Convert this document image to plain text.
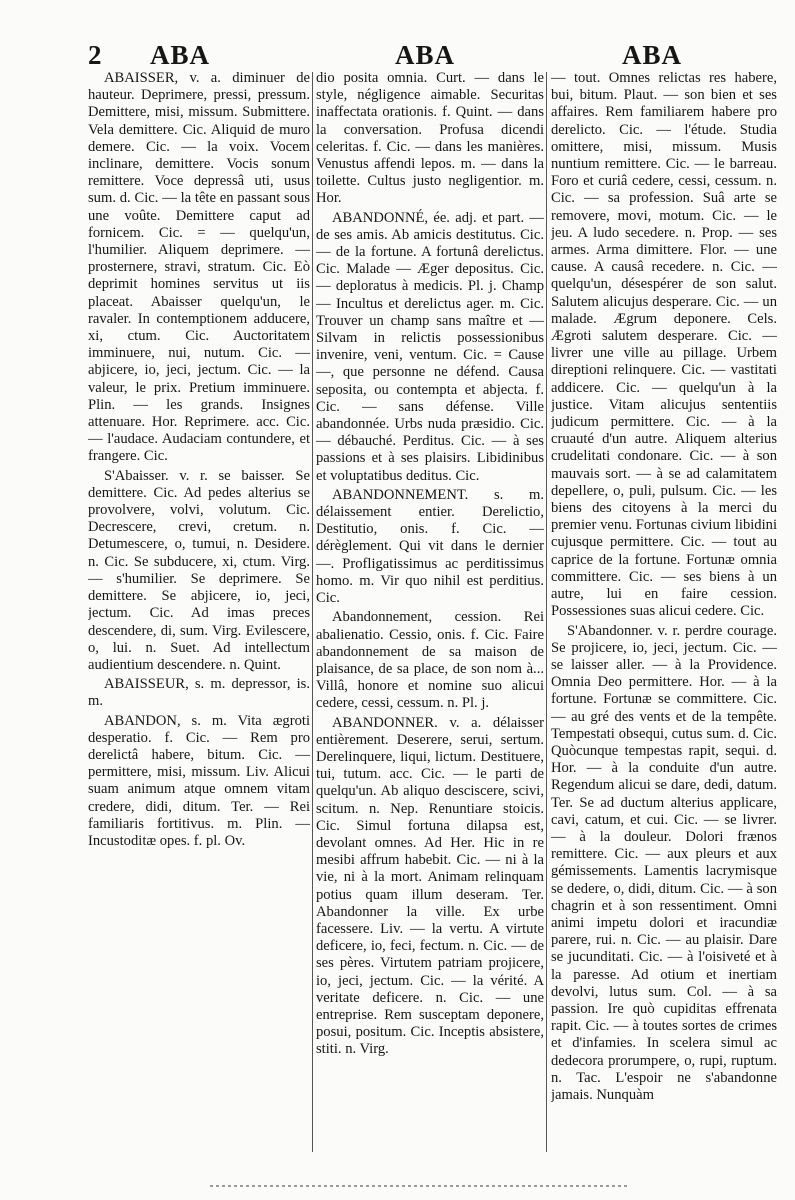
2 ABA	ABA	ABA

ABAISSER, v. a. diminuer de hauteur. Deprimere, pressi, pressum. Demittere, misi, missum. Submittere. Vela demittere. Cic. Aliquid de muro demere. Cic. — la voix. Vocem inclinare, demittere. Vocis sonum remittere. Voce depressâ uti, usus sum. d. Cic. — la tête en passant sous une voûte. Demittere caput ad fornicem. Cic. = — quelqu'un, l'humilier. Aliquem deprimere. — prosternere, stravi, stratum. Cic. Eò deprimit homines servitus ut iis placeat. Abaisser quelqu'un, le ravaler. In contemptionem adducere, xi, ctum. Cic. Auctoritatem imminuere, nui, nutum. Cic. — abjicere, io, jeci, jectum. Cic. — la valeur, le prix. Pretium imminuere. Plin. — les grands. Insignes attenuare. Hor. Reprimere. acc. Cic. — l'audace. Audaciam contundere, et frangere. Cic.

S'Abaisser. v. r. se baisser. Se demittere. Cic. Ad pedes alterius se provolvere, volvi, volutum. Cic. Decrescere, crevi, cretum. n. Detumescere, o, tumui, n. Desidere. n. Cic. Se subducere, xi, ctum. Virg. — s'humilier. Se deprimere. Se demittere. Se abjicere, io, jeci, jectum. Cic. Ad imas preces descendere, di, sum. Virg. Evilescere, o, lui. n. Suet. Ad intellectum audientium descendere. n. Quint.

ABAISSEUR, s. m. depressor, is. m.

ABANDON, s. m. Vita ægroti desperatio. f. Cic. — Rem pro derelictâ habere, bitum. Cic. — permittere, misi, missum. Liv. Alicui suam animum atque omnem vitam credere, didi, ditum. Ter. — Rei familiaris fortitivus. m. Plin. — Incustoditæ opes. f. pl. Ov.

dio posita omnia. Curt. — dans le style, négligence aimable. Securitas inaffectata orationis. f. Quint. — dans la conversation. Profusa dicendi celeritas. f. Cic. — dans les manières. Venustus affendi lepos. m. — dans la toilette. Cultus justo negligentior. m. Hor.

ABANDONNÉ, ée. adj. et part. — de ses amis. Ab amicis destitutus. Cic. — de la fortune. A fortunâ derelictus. Cic. Malade — Æger depositus. Cic. — deploratus à medicis. Pl. j. Champ — Incultus et derelictus ager. m. Cic. Trouver un champ sans maître et — Silvam in relictis possessionibus invenire, veni, ventum. Cic. = Cause —, que personne ne défend. Causa seposita, ou contempta et abjecta. f. Cic. — sans défense. Ville abandonnée. Urbs nuda præsidio. Cic. — débauché. Perditus. Cic. — à ses passions et à ses plaisirs. Libidinibus et voluptatibus deditus. Cic.

ABANDONNEMENT. s. m. délaissement entier. Derelictio, Destitutio, onis. f. Cic. — dérèglement. Qui vit dans le dernier —. Profligatissimus ac perditissimus homo. m. Vir quo nihil est perditius. Cic.

Abandonnement, cession. Rei abalienatio. Cessio, onis. f. Cic. Faire abandonnement de sa maison de plaisance, de sa place, de son nom à... Villâ, honore et nomine suo alicui cedere, cessi, cessum. n. Pl. j.

ABANDONNER. v. a. délaisser entièrement. Deserere, serui, sertum. Derelinquere, liqui, lictum. Destituere, tui, tutum. acc. Cic. — le parti de quelqu'un. Ab aliquo desciscere, scivi, scitum. n. Nep. Renuntiare stoicis. Cic. Simul fortuna dilapsa est, devolant omnes. Ad Her. Hic in re mesibi affrum habebit. Cic. — ni à la vie, ni à la mort. Animam relinquam potius quam illum deseram. Ter. Abandonner la ville. Ex urbe facessere. Liv. — la vertu. A virtute deficere, io, feci, fectum. n. Cic. — de ses pères. Virtutem patriam projicere, io, jeci, jectum. Cic. — la vérité. A veritate deficere. n. Cic. — une entreprise. Rem susceptam deponere, posui, positum. Cic. Inceptis absistere, stiti. n. Virg.

— tout. Omnes relictas res habere, bui, bitum. Plaut. — son bien et ses affaires. Rem familiarem habere pro derelicto. Cic. — l'étude. Studia omittere, misi, missum. Musis nuntium remittere. Cic. — le barreau. Foro et curiâ cedere, cessi, cessum. n. Cic. — sa profession. Suâ arte se removere, movi, motum. Cic. — le jeu. A ludo secedere. n. Prop. — ses armes. Arma dimittere. Flor. — une cause. A causâ recedere. n. Cic. — quelqu'un, désespérer de son salut. Salutem alicujus desperare. Cic. — un malade. Ægrum deponere. Cels. Ægroti salutem desperare. Cic. — livrer une ville au pillage. Urbem direptioni relinquere. Cic. — vastitati addicere. Cic. — quelqu'un à la justice. Vitam alicujus sententiis judicum permittere. Cic. — à la cruauté d'un autre. Aliquem alterius crudelitati condonare. Cic. — à son mauvais sort. — à se ad calamitatem depellere, o, puli, pulsum. Cic. — les biens des citoyens à la merci du premier venu. Fortunas civium libidini cujusque permittere. Cic. — tout au caprice de la fortune. Fortunæ omnia committere. Cic. — ses biens à un autre, lui en faire cession. Possessiones suas alicui cedere. Cic.

S'Abandonner. v. r. perdre courage. Se projicere, io, jeci, jectum. Cic. — se laisser aller. — à la Providence. Omnia Deo permittere. Hor. — à la fortune. Fortunæ se committere. Cic. — au gré des vents et de la tempête. Tempestati obsequi, cutus sum. d. Cic. Quòcunque tempestas rapit, sequi. d. Hor. — à la conduite d'un autre. Regendum alicui se dare, dedi, datum. Ter. Se ad ductum alterius applicare, cavi, catum, et cui. Cic. — se livrer. — à la douleur. Dolori frænos remittere. Cic. — aux pleurs et aux gémissements. Lamentis lacrymisque se dedere, o, didi, ditum. Cic. — à son chagrin et à son ressentiment. Omni animi impetu dolori et iracundiæ parere, rui. n. Cic. — au plaisir. Dare se jucunditati. Cic. — à l'oisiveté et à la paresse. Ad otium et inertiam devolvi, lutus sum. Col. — à sa passion. Ire quò cupiditas effrenata rapit. Cic. — à toutes sortes de crimes et d'infamies. In scelera simul ac dedecora prorumpere, o, rupi, ruptum. n. Tac. L'espoir ne s'abandonne jamais. Nunquàm
